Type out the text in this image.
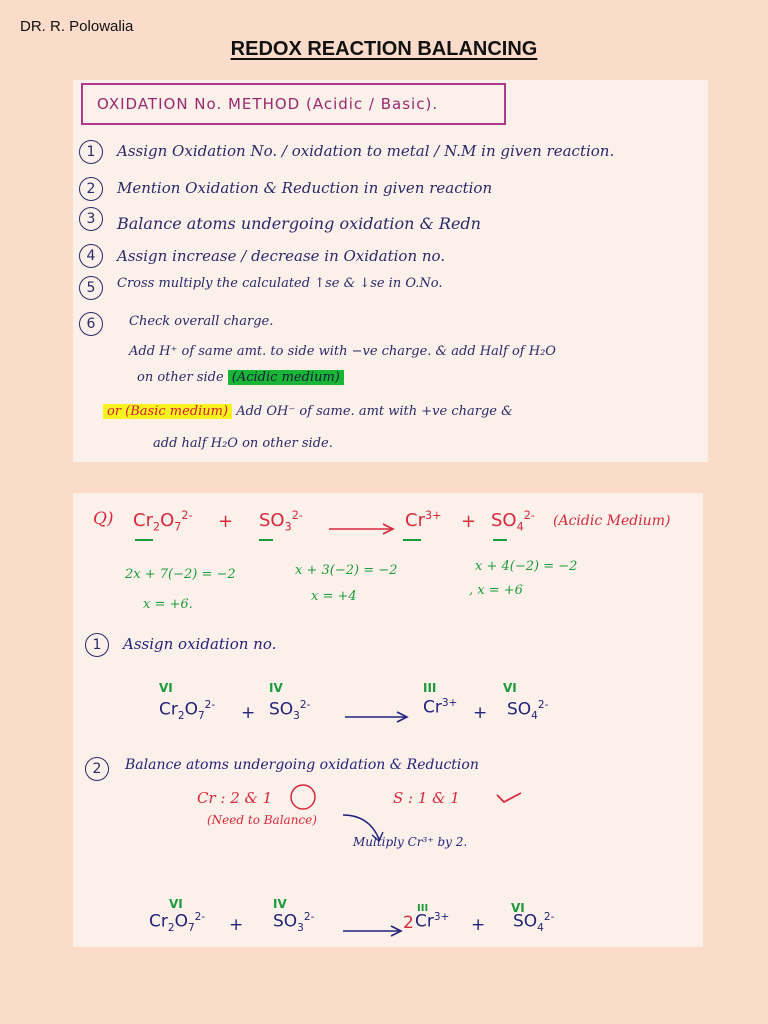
DR. R. Polowalia
REDOX REACTION BALANCING
OXIDATION No. METHOD (Acidic / Basic).
1	Assign Oxidation No. / oxidation to metal / N.M in given reaction.
2	Mention Oxidation & Reduction in given reaction
3	Balance atoms undergoing oxidation & Redn
4	Assign increase / decrease in Oxidation no.
5	Cross multiply the calculated ↑se & ↓se in O.No.
6	Check overall charge.
Add H⁺ of same amt. to side with −ve charge. & add Half of H₂O
on other side (Acidic medium)
or (Basic medium) Add OH⁻ of same. amt with +ve charge &
add half H₂O on other side.
Q) $Cr_2O_7^{2-} + SO_3^{2-}$	$Cr^{3+} + SO_4^{2-}$ (Acidic Medium)
2x + 7(−2) = −2
x = +6.
x + 3(−2) = −2
x = +4
x + 4(−2) = −2
, x = +6
1	Assign oxidation no.
VI	IV	III	VI
$Cr_2O_7^{2-} + SO_3^{2-}$	$Cr^{3+} + SO_4^{2-}$
2	Balance atoms undergoing oxidation & Reduction
Cr : 2 & 1	S : 1 & 1
(Need to Balance)
Multiply Cr³⁺ by 2.
VI	IV	III	VI
$Cr_2O_7^{2-} + SO_3^{2-}$	2 $Cr^{3+} + SO_4^{2-}$
